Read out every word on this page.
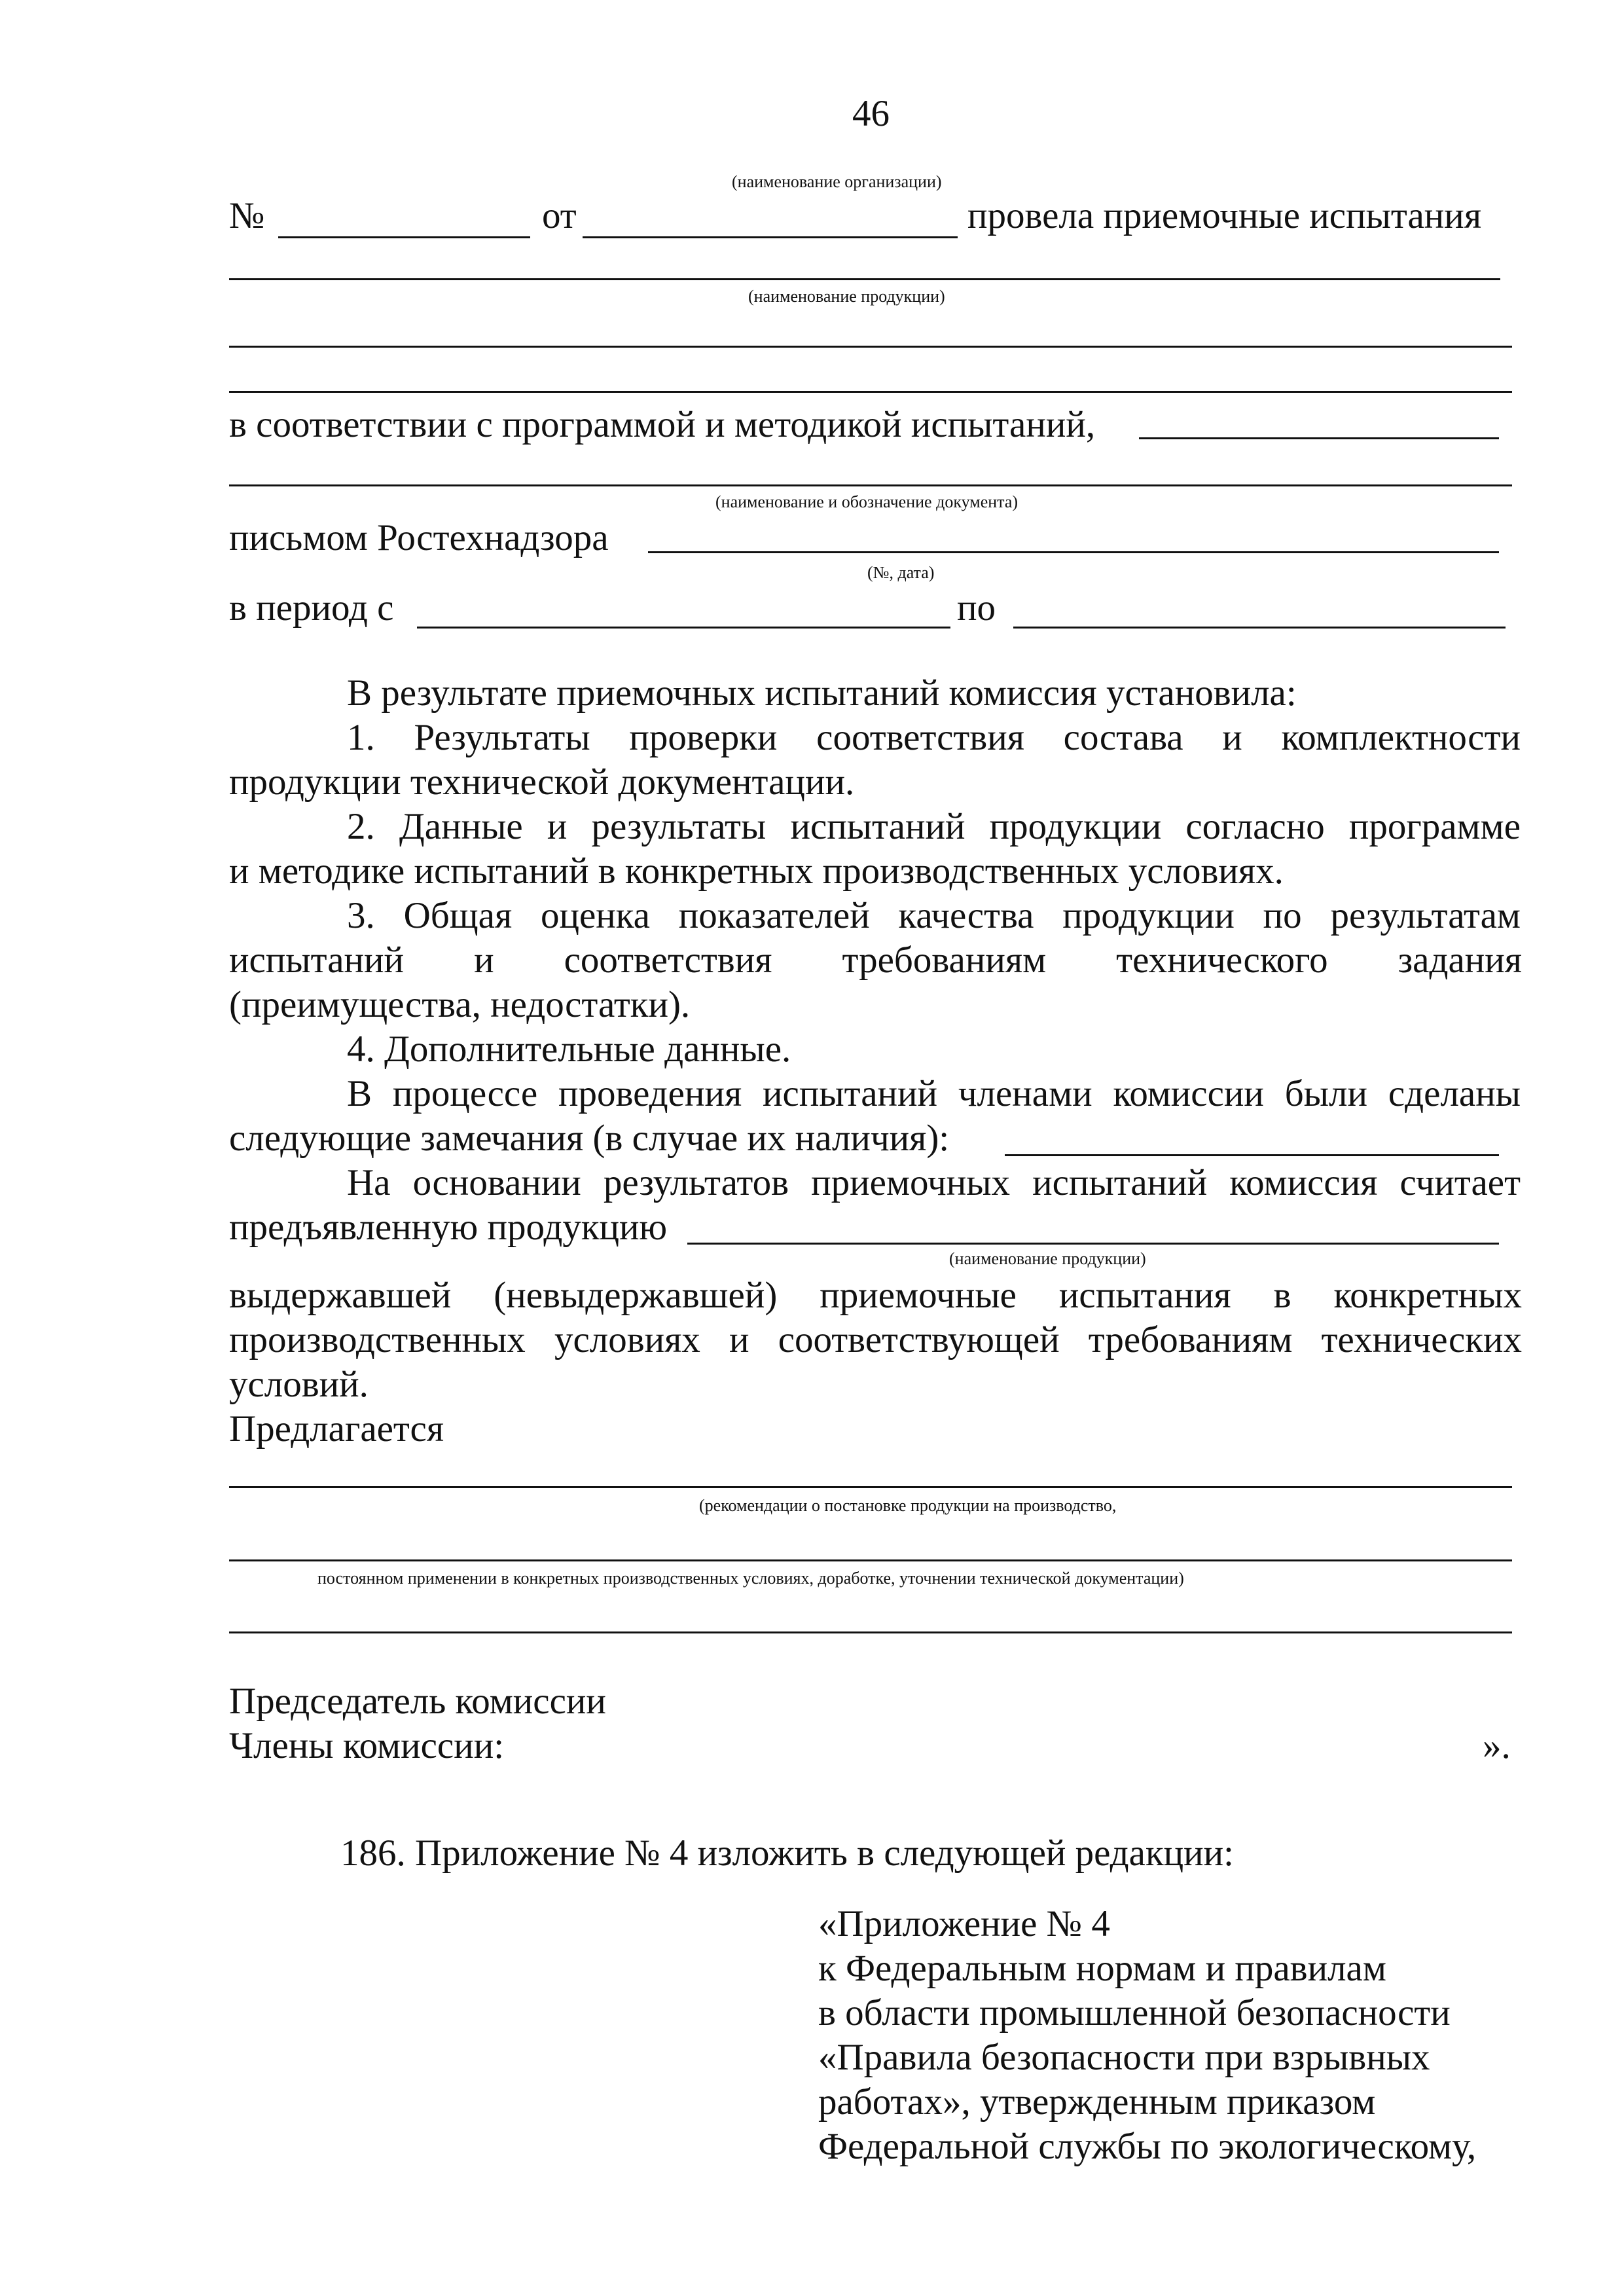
46
(наименование организации)
№	от	провела приемочные испытания
(наименование продукции)
в соответствии с программой и методикой испытаний,
(наименование и обозначение документа)
письмом Ростехнадзора
(№, дата)
в период с	по
В результате приемочных испытаний комиссия установила:
1. Результаты проверки соответствия состава и комплектности
продукции технической документации.
2. Данные и результаты испытаний продукции согласно программе
и методике испытаний в конкретных производственных условиях.
3. Общая оценка показателей качества продукции по результатам
испытаний и соответствия требованиям технического задания
(преимущества, недостатки).
4. Дополнительные данные.
В процессе проведения испытаний членами комиссии были сделаны
следующие замечания (в случае их наличия):
На основании результатов приемочных испытаний комиссия считает
предъявленную продукцию
(наименование продукции)
выдержавшей (невыдержавшей) приемочные испытания в конкретных
производственных условиях и соответствующей требованиям технических
условий.
Предлагается
(рекомендации о постановке продукции на производство,
постоянном применении в конкретных производственных условиях, доработке, уточнении технической документации)
Председатель комиссии
Члены комиссии:	».
186. Приложение № 4 изложить в следующей редакции:
«Приложение № 4
к Федеральным нормам и правилам
в области промышленной безопасности
«Правила безопасности при взрывных
работах», утвержденным приказом
Федеральной службы по экологическому,
